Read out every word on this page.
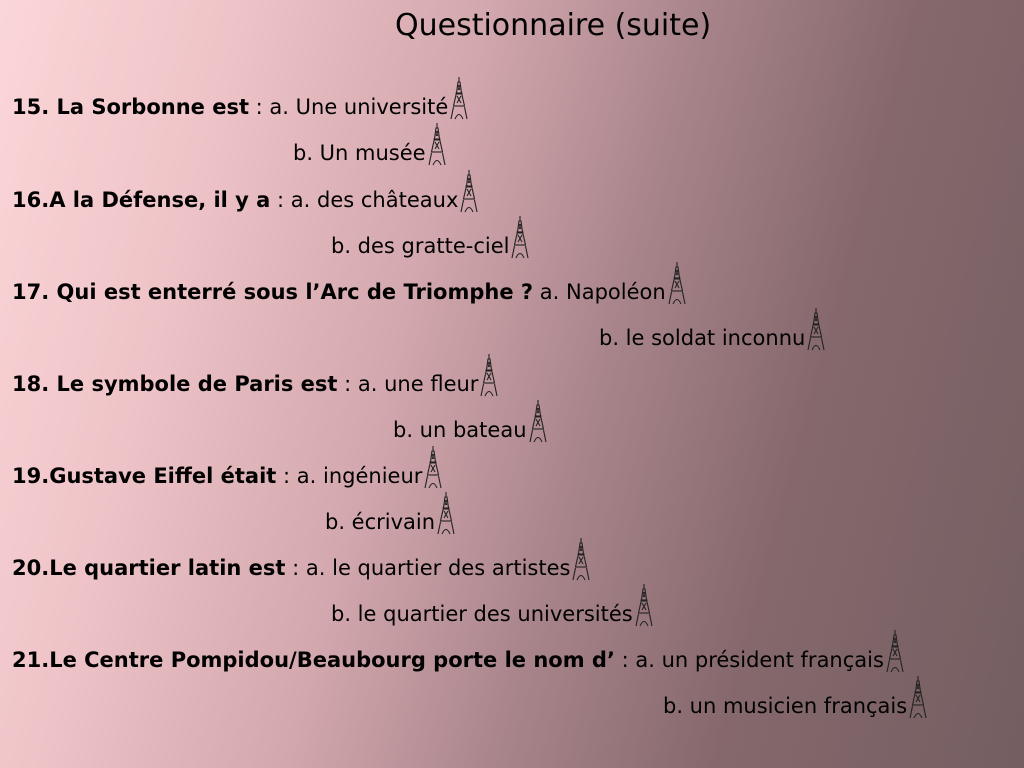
Questionnaire (suite)
15. La Sorbonne est : a. Une université
b. Un musée
16.A la Défense, il y a : a. des châteaux
b. des gratte-ciel
17. Qui est enterré sous l’Arc de Triomphe ? a. Napoléon
b. le soldat inconnu
18. Le symbole de Paris est : a. une fleur
b. un bateau
19.Gustave Eiffel était : a. ingénieur
b. écrivain
20.Le quartier latin est : a. le quartier des artistes
b. le quartier des universités
21.Le Centre Pompidou/Beaubourg porte le nom d’ : a. un président français
b. un musicien français
